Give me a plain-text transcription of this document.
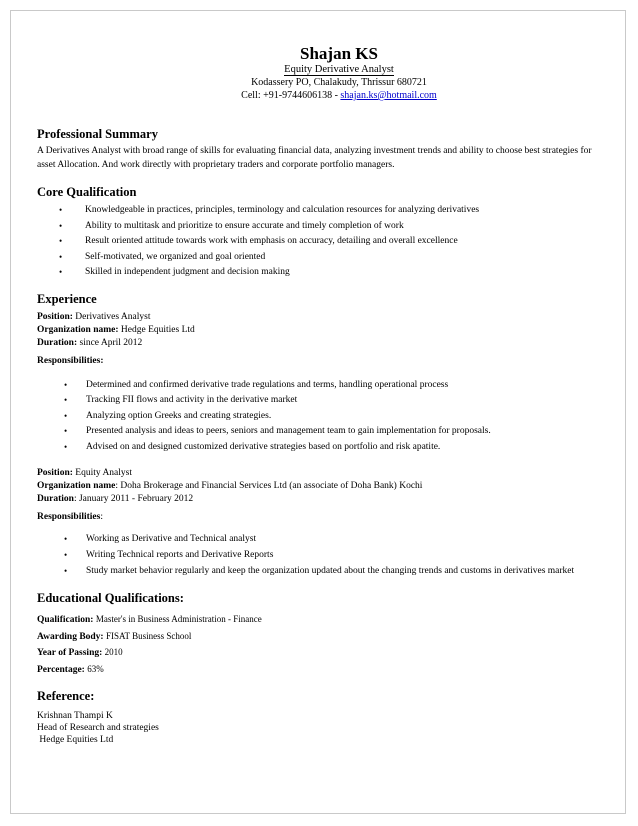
Shajan KS
Equity Derivative Analyst
Kodassery PO, Chalakudy, Thrissur 680721
Cell: +91-9744606138 - shajan.ks@hotmail.com
Professional Summary
A Derivatives Analyst with broad range of skills for evaluating financial data, analyzing investment trends and ability to choose best strategies for asset Allocation. And work directly with proprietary traders and corporate portfolio managers.
Core Qualification
• Knowledgeable in practices, principles, terminology and calculation resources for analyzing derivatives
• Ability to multitask and prioritize to ensure accurate and timely completion of work
• Result oriented attitude towards work with emphasis on accuracy, detailing and overall excellence
• Self-motivated, we organized and goal oriented
• Skilled in independent judgment and decision making
Experience
Position: Derivatives Analyst
Organization name: Hedge Equities Ltd
Duration: since April 2012
Responsibilities:
• Determined and confirmed derivative trade regulations and terms, handling operational process
• Tracking FII flows and activity in the derivative market
• Analyzing option Greeks and creating strategies.
• Presented analysis and ideas to peers, seniors and management team to gain implementation for proposals.
• Advised on and designed customized derivative strategies based on portfolio and risk apatite.
Position: Equity Analyst
Organization name: Doha Brokerage and Financial Services Ltd (an associate of Doha Bank) Kochi
Duration: January 2011 - February 2012
Responsibilities:
• Working as Derivative and Technical analyst
• Writing Technical reports and Derivative Reports
• Study market behavior regularly and keep the organization updated about the changing trends and customs in derivatives market
Educational Qualifications:
Qualification: Master's in Business Administration - Finance
Awarding Body: FISAT Business School
Year of Passing: 2010
Percentage: 63%
Reference:
Krishnan Thampi K
Head of Research and strategies
Hedge Equities Ltd
